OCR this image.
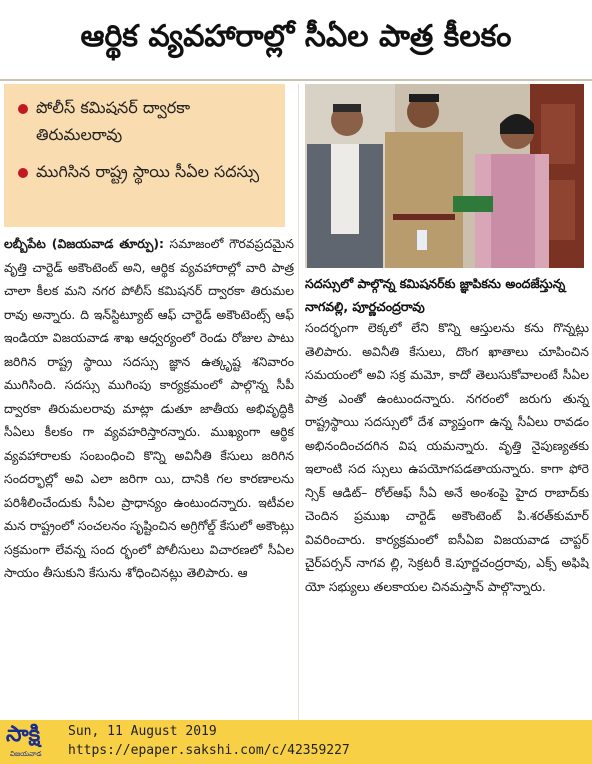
ఆర్థిక వ్యవహారాల్లో సీఏల పాత్ర కీలకం
పోలీస్ కమిషనర్ ద్వారకా తిరుమలరావు
ముగిసిన రాష్ట్ర స్థాయి సీఏల సదస్సు
సదస్సులో పాల్గొన్న కమిషనర్‌కు జ్ఞాపికను అందజేస్తున్న నాగవల్లి, పూర్ణచంద్రరావు
లబ్బీపేట (విజయవాడ తూర్పు): సమాజంలో గౌరవప్రదమైన వృత్తి చార్టెడ్ అకౌంటెంట్ అని, ఆర్థిక వ్యవహారాల్లో వారి పాత్ర చాలా కీలక మని నగర పోలీస్ కమిషనర్ ద్వారకా తిరుమల రావు అన్నారు. ది ఇన్‌స్టిట్యూట్ ఆఫ్ చార్టెడ్ అకౌంటెంట్స్ ఆఫ్ ఇండియా విజయవాడ శాఖ ఆధ్వర్యంలో రెండు రోజుల పాటు జరిగిన రాష్ట్ర స్థాయి సదస్సు జ్ఞాన ఉత్కృష్ట శనివారం ముగిసింది. సదస్సు ముగింపు కార్యక్రమంలో పాల్గొన్న సీపీ ద్వారకా తిరుమలరావు మాట్లా డుతూ జాతీయ అభివృద్ధికి సీఏలు కీలకం గా వ్యవహరిస్తారన్నారు. ముఖ్యంగా ఆర్థిక వ్యవహారాలకు సంబంధించి కొన్ని అవినీతి కేసులు జరిగిన సందర్భాల్లో అవి ఎలా జరిగా యి, దానికి గల కారణాలను పరిశీలించేందుకు సీఏల ప్రాధాన్యం ఉంటుందన్నారు. ఇటీవల మన రాష్ట్రంలో సంచలనం సృష్టించిన అగ్రిగోల్డ్ కేసులో అకౌంట్లు సక్రమంగా లేవన్న సంద ర్భంలో పోలీసులు విచారణలో సీఏల సాయం తీసుకుని కేసును శోధించినట్లు తెలిపారు. ఆ
సందర్భంగా లెక్కలో లేని కొన్ని ఆస్తులను కను గొన్నట్లు తెలిపారు. అవినీతి కేసులు, దొంగ ఖాతాలు చూపించిన సమయంలో అవి సక్ర మమో, కాదో తెలుసుకోవాలంటే సీఏల పాత్ర ఎంతో ఉంటుందన్నారు. నగరంలో జరుగు తున్న రాష్ట్రస్థాయి సదస్సులో దేశ వ్యాప్తంగా ఉన్న సీఏలు రావడం అభినందించదగిన విష యమన్నారు. వృత్తి నైపుణ్యతకు ఇలాంటి సద స్సులు ఉపయోగపడతాయన్నారు. కాగా ఫోరె న్సిక్ ఆడిట్– రోల్‌ఆఫ్ సీఏ అనే అంశంపై హైద రాబాద్‌కు చెందిన ప్రముఖ చార్టెడ్ అకౌంటెంట్ పి.శరత్‌కుమార్ వివరించారు. కార్యక్రమంలో ఐసీఏఐ విజయవాడ చాప్టర్ చైర్‌పర్సన్ నాగవ ల్లి, సెక్రటరీ కె.పూర్ణచంద్రరావు, ఎక్స్ అఫిషి యో సభ్యులు తలకాయల చినమస్తాన్ పాల్గొన్నారు.
సాక్షి
విజయవాడ
Sun, 11 August 2019
https://epaper.sakshi.com/c/42359227
